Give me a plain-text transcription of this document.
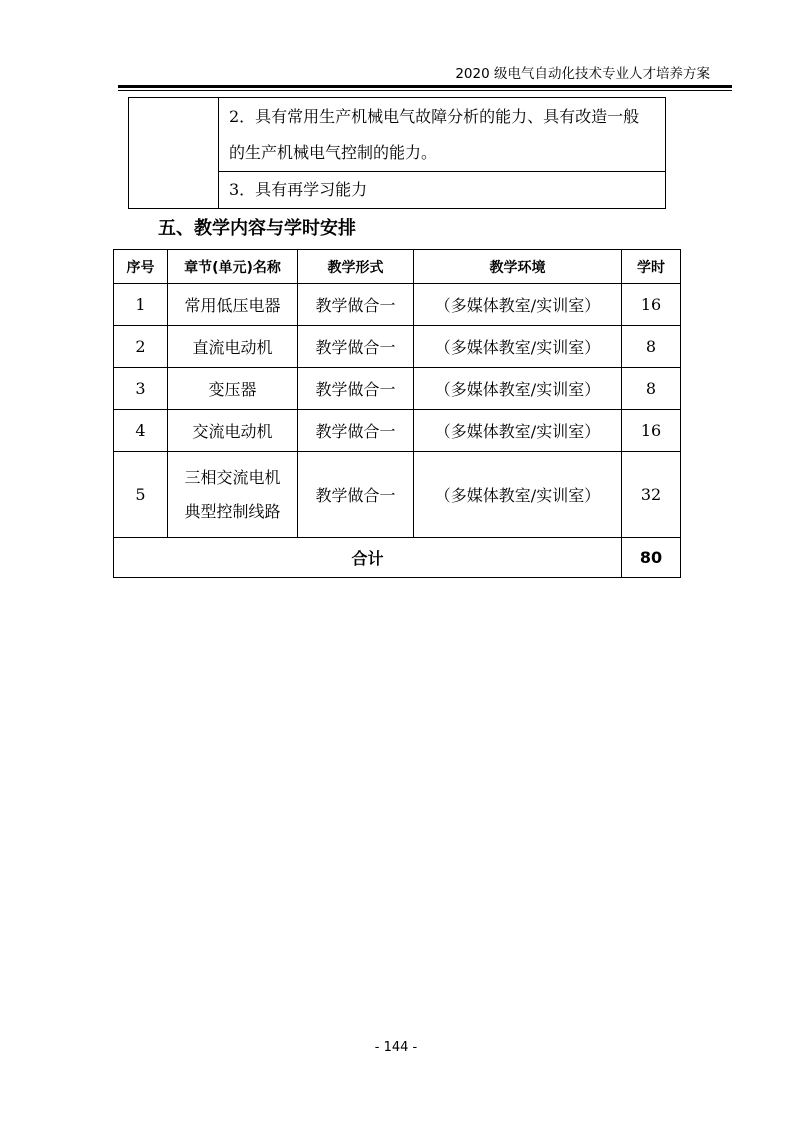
2020 级电气自动化技术专业人才培养方案
	2．具有常用生产机械电气故障分析的能力、具有改造一般的生产机械电气控制的能力。
3．具有再学习能力
五、教学内容与学时安排
序号	章节(单元)名称	教学形式	教学环境	学时
1	常用低压电器	教学做合一	（多媒体教室/实训室）	16
2	直流电动机	教学做合一	（多媒体教室/实训室）	8
3	变压器	教学做合一	（多媒体教室/实训室）	8
4	交流电动机	教学做合一	（多媒体教室/实训室）	16
5	三相交流电机
典型控制线路	教学做合一	（多媒体教室/实训室）	32
合计				80
- 144 -
